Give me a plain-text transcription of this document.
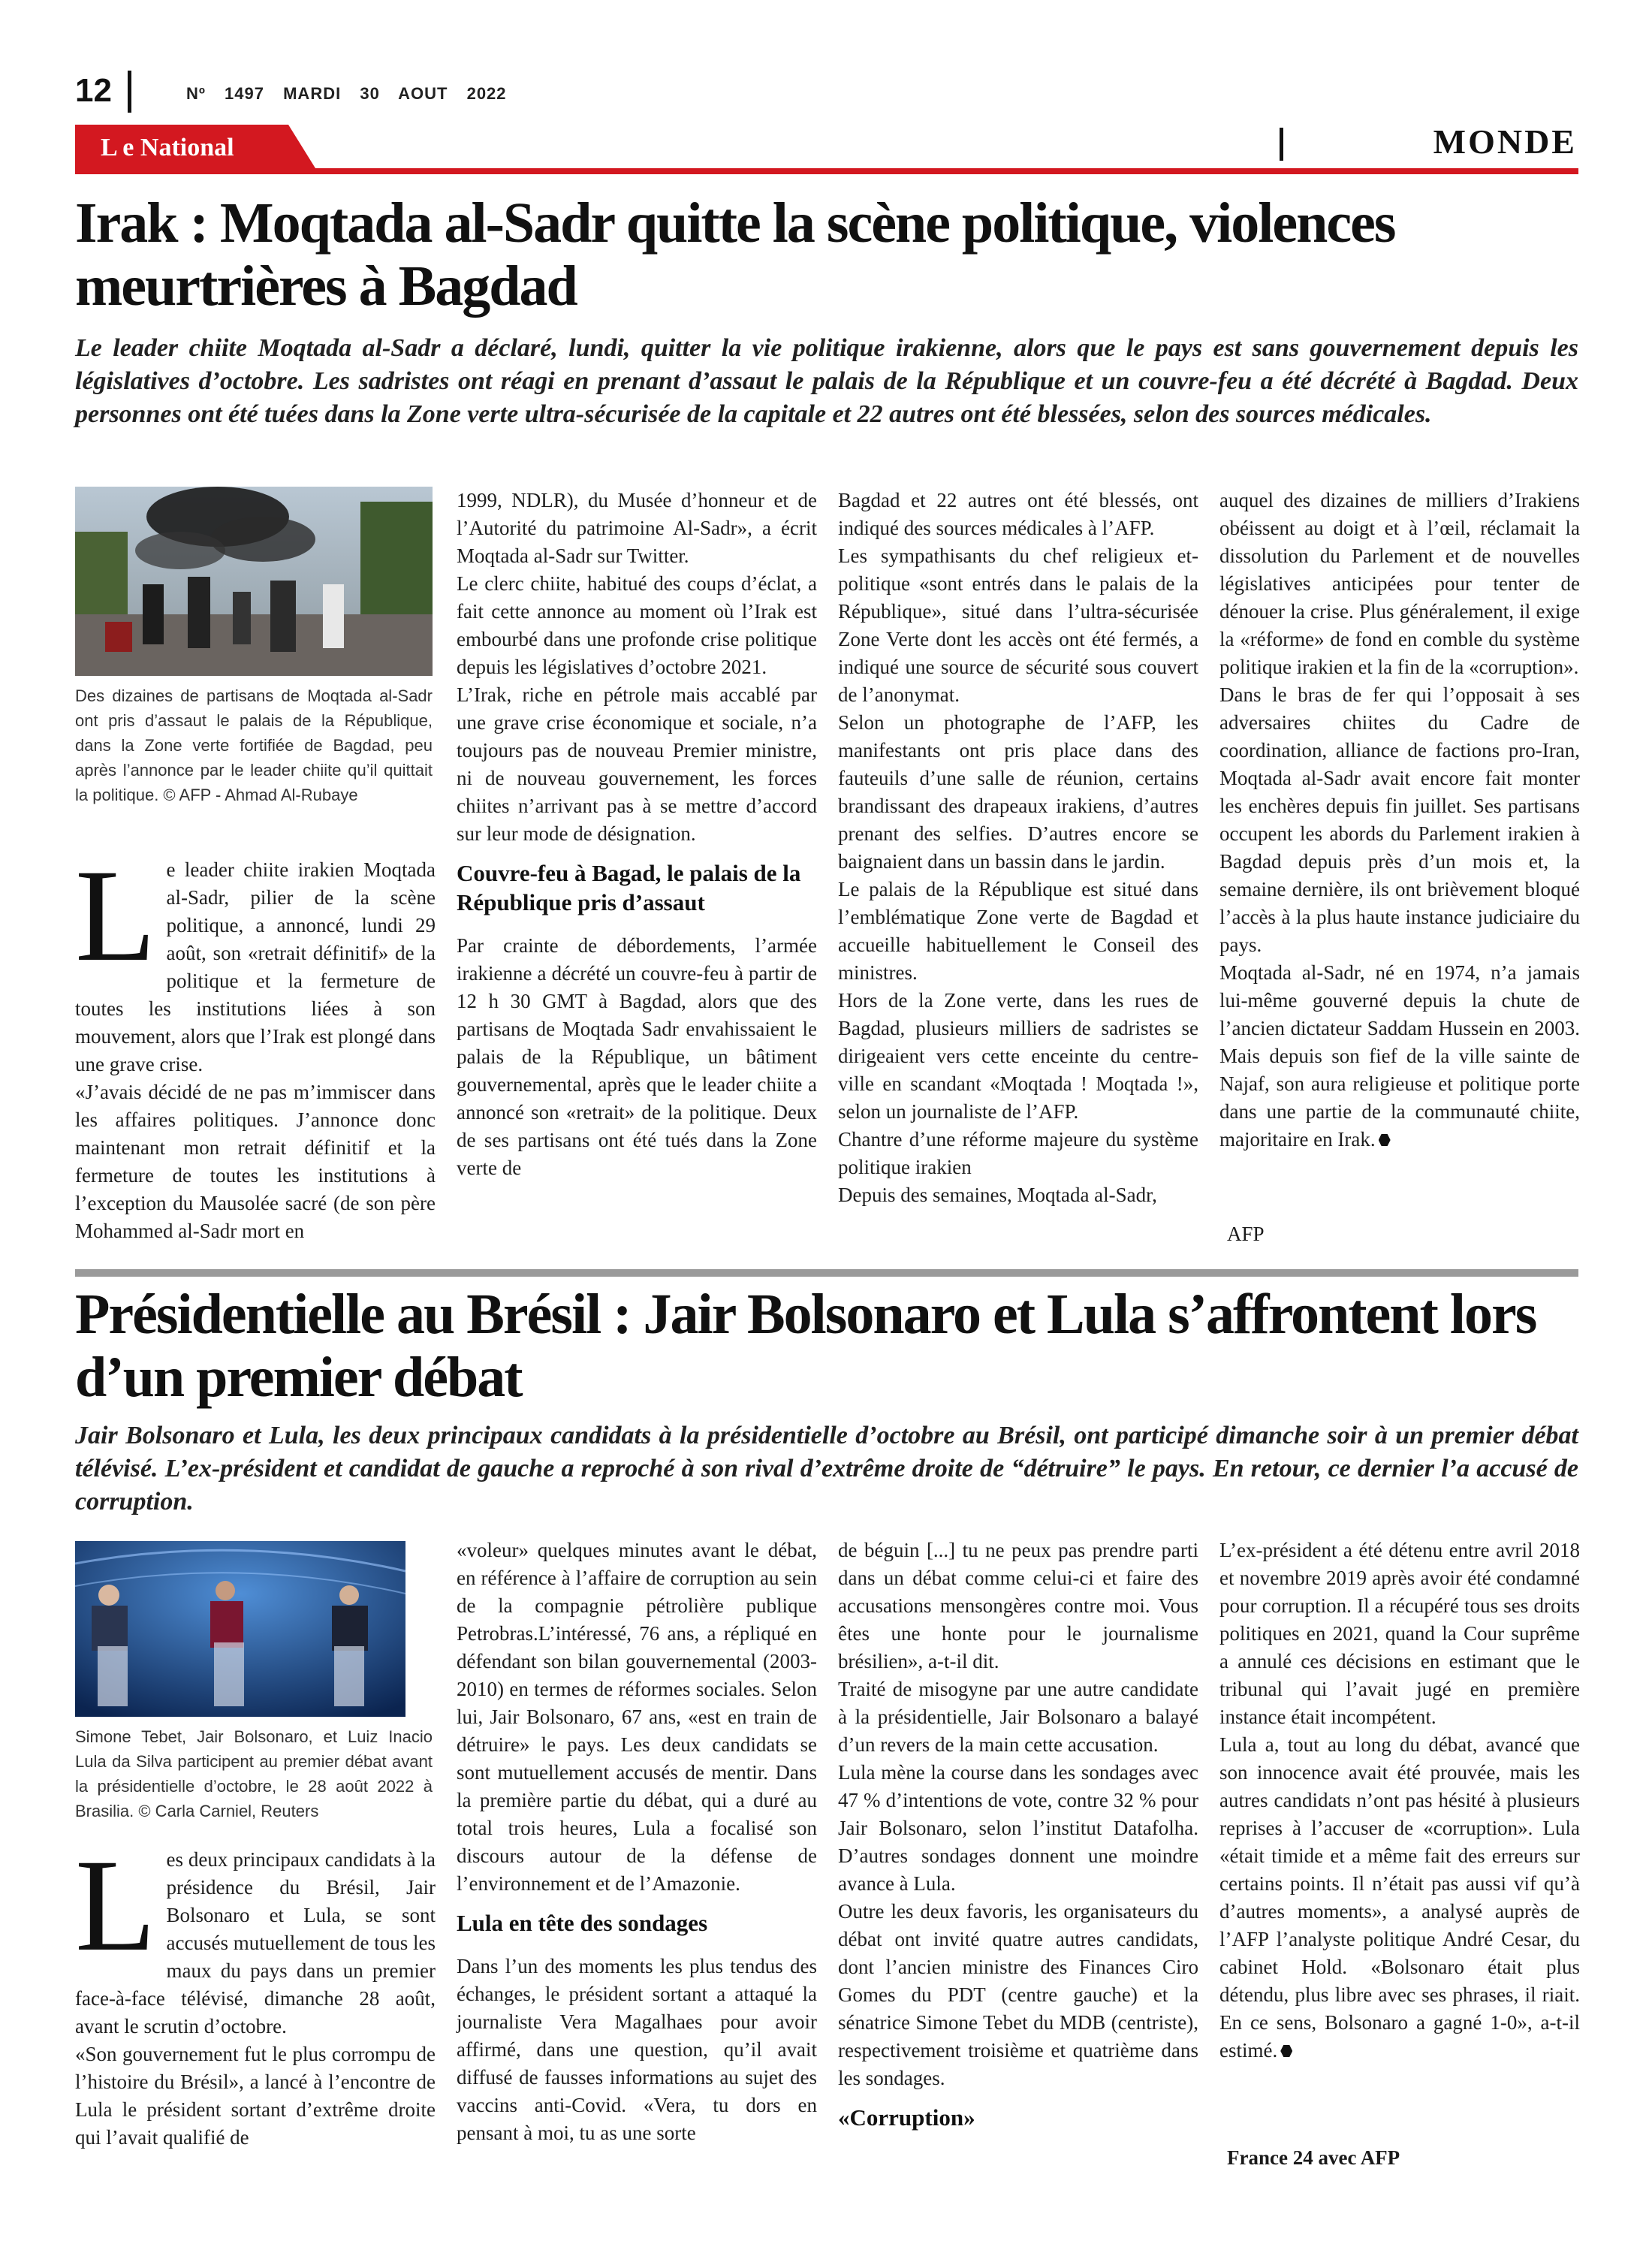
12	Nº 1497 MARDI 30 AOUT 2022
L e National	MONDE
Irak : Moqtada al-Sadr quitte la scène politique, violences meurtrières à Bagdad
Le leader chiite Moqtada al-Sadr a déclaré, lundi, quitter la vie politique irakienne, alors que le pays est sans gouvernement depuis les législatives d’octobre. Les sadristes ont réagi en prenant d’assaut le palais de la République et un couvre-feu a été décrété à Bagdad. Deux personnes ont été tuées dans la Zone verte ultra-sécurisée de la capitale et 22 autres ont été blessées, selon des sources médicales.
Des dizaines de partisans de Moqtada al-Sadr ont pris d’assaut le palais de la République, dans la Zone verte fortifiée de Bagdad, peu après l’annonce par le leader chiite qu’il quittait la politique. © AFP - Ahmad Al-Rubaye
L e leader chiite irakien Moqtada al-Sadr, pilier de la scène politique, a annoncé, lundi 29 août, son «retrait définitif» de la politique et la fermeture de toutes les institutions liées à son mouvement, alors que l’Irak est plongé dans une grave crise.

«J’avais décidé de ne pas m’immiscer dans les affaires politiques. J’annonce donc maintenant mon retrait définitif et la fermeture de toutes les institutions à l’exception du Mausolée sacré (de son père Mohammed al-Sadr mort en

1999, NDLR), du Musée d’honneur et de l’Autorité du patrimoine Al-Sadr», a écrit Moqtada al-Sadr sur Twitter.

Le clerc chiite, habitué des coups d’éclat, a fait cette annonce au moment où l’Irak est embourbé dans une profonde crise politique depuis les législatives d’octobre 2021.

L’Irak, riche en pétrole mais accablé par une grave crise économique et sociale, n’a toujours pas de nouveau Premier ministre, ni de nouveau gouvernement, les forces chiites n’arrivant pas à se mettre d’accord sur leur mode de désignation.

Couvre-feu à Bagad, le palais de la République pris d’assaut

Par crainte de débordements, l’armée irakienne a décrété un couvre-feu à partir de 12 h 30 GMT à Bagdad, alors que des partisans de Moqtada Sadr envahissaient le palais de la République, un bâtiment gouvernemental, après que le leader chiite a annoncé son «retrait» de la politique. Deux de ses partisans ont été tués dans la Zone verte de

Bagdad et 22 autres ont été blessés, ont indiqué des sources médicales à l’AFP.

Les sympathisants du chef religieux et-politique «sont entrés dans le palais de la République», situé dans l’ultra-sécurisée Zone Verte dont les accès ont été fermés, a indiqué une source de sécurité sous couvert de l’anonymat.

Selon un photographe de l’AFP, les manifestants ont pris place dans des fauteuils d’une salle de réunion, certains brandissant des drapeaux irakiens, d’autres prenant des selfies. D’autres encore se baignaient dans un bassin dans le jardin.

Le palais de la République est situé dans l’emblématique Zone verte de Bagdad et accueille habituellement le Conseil des ministres.

Hors de la Zone verte, dans les rues de Bagdad, plusieurs milliers de sadristes se dirigeaient vers cette enceinte du centre-ville en scandant «Moqtada ! Moqtada !», selon un journaliste de l’AFP.

Chantre d’une réforme majeure du système politique irakien

Depuis des semaines, Moqtada al-Sadr,

auquel des dizaines de milliers d’Irakiens obéissent au doigt et à l’œil, réclamait la dissolution du Parlement et de nouvelles législatives anticipées pour tenter de dénouer la crise. Plus généralement, il exige la «réforme» de fond en comble du système politique irakien et la fin de la «corruption».

Dans le bras de fer qui l’opposait à ses adversaires chiites du Cadre de coordination, alliance de factions pro-Iran, Moqtada al-Sadr avait encore fait monter les enchères depuis fin juillet. Ses partisans occupent les abords du Parlement irakien à Bagdad depuis près d’un mois et, la semaine dernière, ils ont brièvement bloqué l’accès à la plus haute instance judiciaire du pays.

Moqtada al-Sadr, né en 1974, n’a jamais lui-même gouverné depuis la chute de l’ancien dictateur Saddam Hussein en 2003. Mais depuis son fief de la ville sainte de Najaf, son aura religieuse et politique porte dans une partie de la communauté chiite, majoritaire en Irak.

AFP
Présidentielle au Brésil : Jair Bolsonaro et Lula s’affrontent lors d’un premier débat
Jair Bolsonaro et Lula, les deux principaux candidats à la présidentielle d’octobre au Brésil, ont participé dimanche soir à un premier débat télévisé. L’ex-président et candidat de gauche a reproché à son rival d’extrême droite de “détruire” le pays. En retour, ce dernier l’a accusé de corruption.
Simone Tebet, Jair Bolsonaro, et Luiz Inacio Lula da Silva participent au premier débat avant la présidentielle d’octobre, le 28 août 2022 à Brasilia. © Carla Carniel, Reuters
L es deux principaux candidats à la présidence du Brésil, Jair Bolsonaro et Lula, se sont accusés mutuellement de tous les maux du pays dans un premier face-à-face télévisé, dimanche 28 août, avant le scrutin d’octobre.

«Son gouvernement fut le plus corrompu de l’histoire du Brésil», a lancé à l’encontre de Lula le président sortant d’extrême droite qui l’avait qualifié de

«voleur» quelques minutes avant le débat, en référence à l’affaire de corruption au sein de la compagnie pétrolière publique Petrobras.L’intéressé, 76 ans, a répliqué en défendant son bilan gouvernemental (2003-2010) en termes de réformes sociales. Selon lui, Jair Bolsonaro, 67 ans, «est en train de détruire» le pays. Les deux candidats se sont mutuellement accusés de mentir. Dans la première partie du débat, qui a duré au total trois heures, Lula a focalisé son discours autour de la défense de l’environnement et de l’Amazonie.

Lula en tête des sondages

Dans l’un des moments les plus tendus des échanges, le président sortant a attaqué la journaliste Vera Magalhaes pour avoir affirmé, dans une question, qu’il avait diffusé de fausses informations au sujet des vaccins anti-Covid. «Vera, tu dors en pensant à moi, tu as une sorte

de béguin [...] tu ne peux pas prendre parti dans un débat comme celui-ci et faire des accusations mensongères contre moi. Vous êtes une honte pour le journalisme brésilien», a-t-il dit.

Traité de misogyne par une autre candidate à la présidentielle, Jair Bolsonaro a balayé d’un revers de la main cette accusation.

Lula mène la course dans les sondages avec 47 % d’intentions de vote, contre 32 % pour Jair Bolsonaro, selon l’institut Datafolha. D’autres sondages donnent une moindre avance à Lula.

Outre les deux favoris, les organisateurs du débat ont invité quatre autres candidats, dont l’ancien ministre des Finances Ciro Gomes du PDT (centre gauche) et la sénatrice Simone Tebet du MDB (centriste), respectivement troisième et quatrième dans les sondages.

«Corruption»

L’ex-président a été détenu entre avril 2018 et novembre 2019 après avoir été condamné pour corruption. Il a récupéré tous ses droits politiques en 2021, quand la Cour suprême a annulé ces décisions en estimant que le tribunal qui l’avait jugé en première instance était incompétent.

Lula a, tout au long du débat, avancé que son innocence avait été prouvée, mais les autres candidats n’ont pas hésité à plusieurs reprises à l’accuser de «corruption». Lula «était timide et a même fait des erreurs sur certains points. Il n’était pas aussi vif qu’à d’autres moments», a analysé auprès de l’AFP l’analyste politique André Cesar, du cabinet Hold. «Bolsonaro était plus détendu, plus libre avec ses phrases, il riait. En ce sens, Bolsonaro a gagné 1-0», a-t-il estimé.

France 24 avec AFP
